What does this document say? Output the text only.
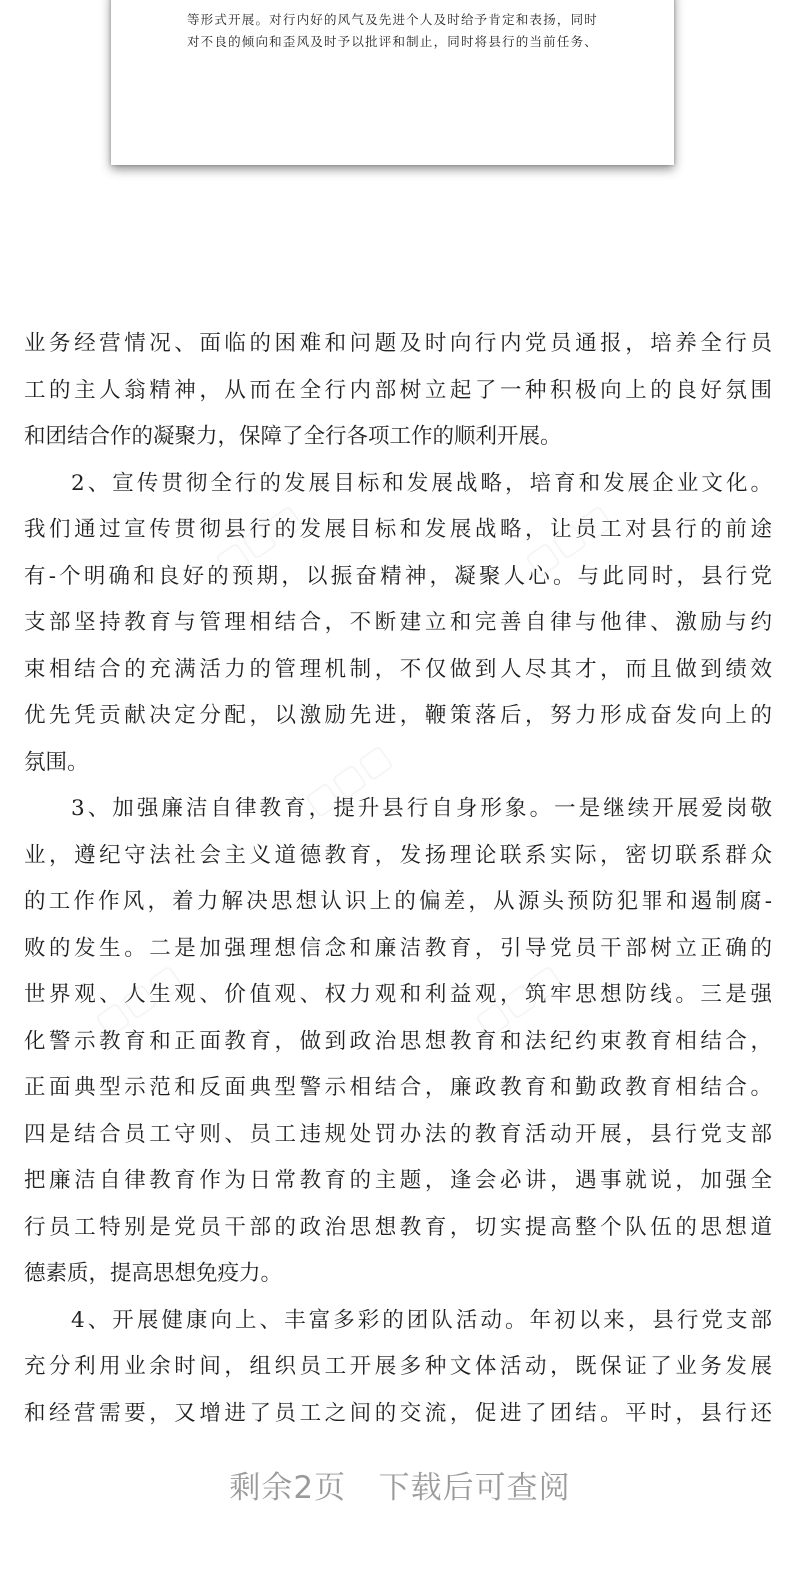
▢▢▢	▢▢▢
▢▢▢
▢▢▢	▢▢▢
等形式开展。对行内好的风气及先进个人及时给予肯定和表扬，同时
对不良的倾向和歪风及时予以批评和制止，同时将县行的当前任务、
业务经营情况、面临的困难和问题及时向行内党员通报，培养全行员
工的主人翁精神，从而在全行内部树立起了一种积极向上的良好氛围
和团结合作的凝聚力，保障了全行各项工作的顺利开展。
2、宣传贯彻全行的发展目标和发展战略，培育和发展企业文化。
我们通过宣传贯彻县行的发展目标和发展战略，让员工对县行的前途
有-个明确和良好的预期，以振奋精神，凝聚人心。与此同时，县行党
支部坚持教育与管理相结合，不断建立和完善自律与他律、激励与约
束相结合的充满活力的管理机制，不仅做到人尽其才，而且做到绩效
优先凭贡献决定分配，以激励先进，鞭策落后，努力形成奋发向上的
氛围。
3、加强廉洁自律教育，提升县行自身形象。一是继续开展爱岗敬
业，遵纪守法社会主义道德教育，发扬理论联系实际，密切联系群众
的工作作风，着力解决思想认识上的偏差，从源头预防犯罪和遏制腐-
败的发生。二是加强理想信念和廉洁教育，引导党员干部树立正确的
世界观、人生观、价值观、权力观和利益观，筑牢思想防线。三是强
化警示教育和正面教育，做到政治思想教育和法纪约束教育相结合，
正面典型示范和反面典型警示相结合，廉政教育和勤政教育相结合。
四是结合员工守则、员工违规处罚办法的教育活动开展，县行党支部
把廉洁自律教育作为日常教育的主题，逢会必讲，遇事就说，加强全
行员工特别是党员干部的政治思想教育，切实提高整个队伍的思想道
德素质，提高思想免疫力。
4、开展健康向上、丰富多彩的团队活动。年初以来，县行党支部
充分利用业余时间，组织员工开展多种文体活动，既保证了业务发展
和经营需要，又增进了员工之间的交流，促进了团结。平时，县行还
剩余2页 下载后可查阅
